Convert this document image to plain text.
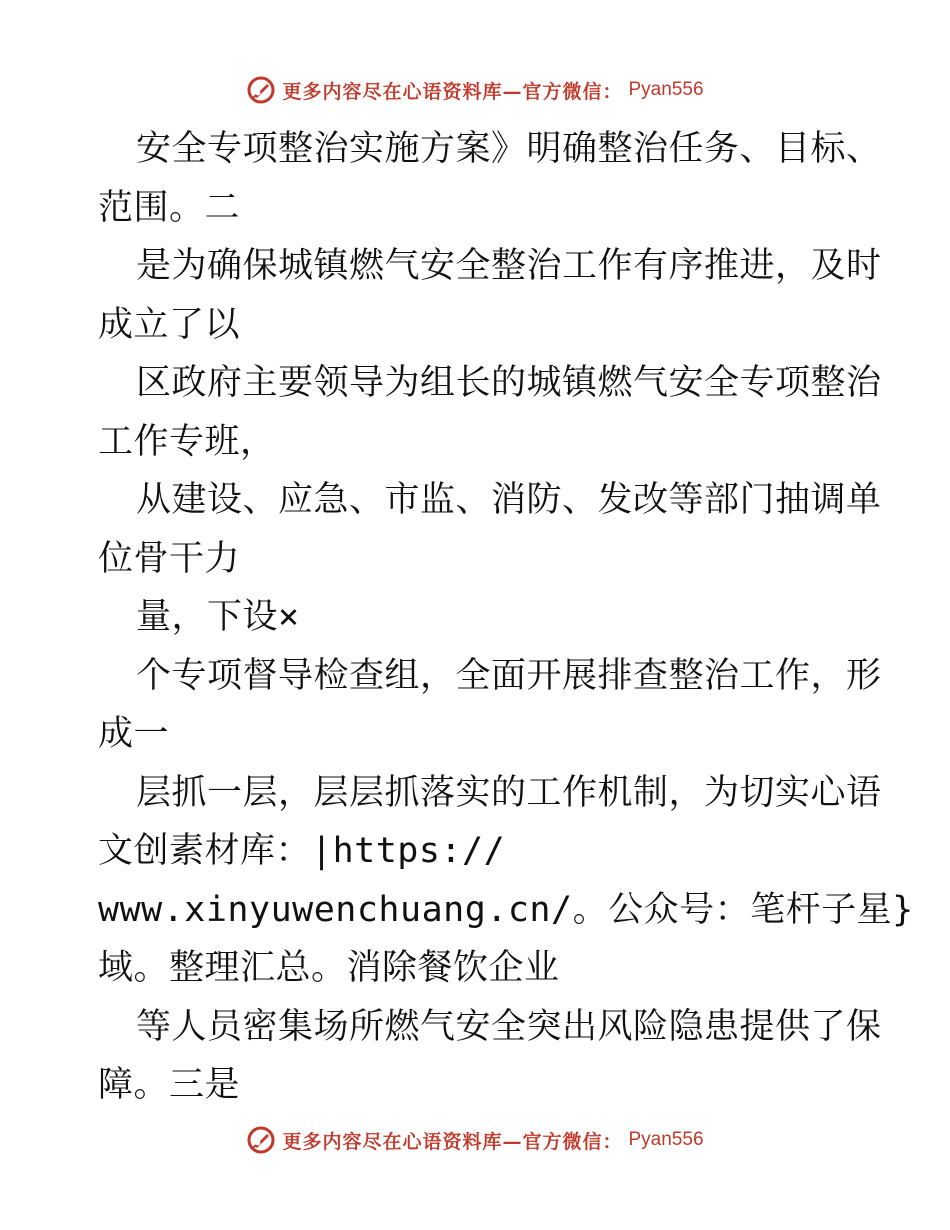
更多内容尽在心语资料库—官方微信： Pyan556
安全专项整治实施方案》明确整治任务、目标、
范围。二
是为确保城镇燃气安全整治工作有序推进，及时
成立了以
区政府主要领导为组长的城镇燃气安全专项整治
工作专班，
从建设、应急、市监、消防、发改等部门抽调单
位骨干力
量，下设×
个专项督导检查组，全面开展排查整治工作，形
成一
层抓一层，层层抓落实的工作机制，为切实心语
文创素材库：|https://
www.xinyuwenchuang.cn/。公众号：笔杆子星}
域。整理汇总。消除餐饮企业
等人员密集场所燃气安全突出风险隐患提供了保
障。三是
更多内容尽在心语资料库—官方微信： Pyan556
